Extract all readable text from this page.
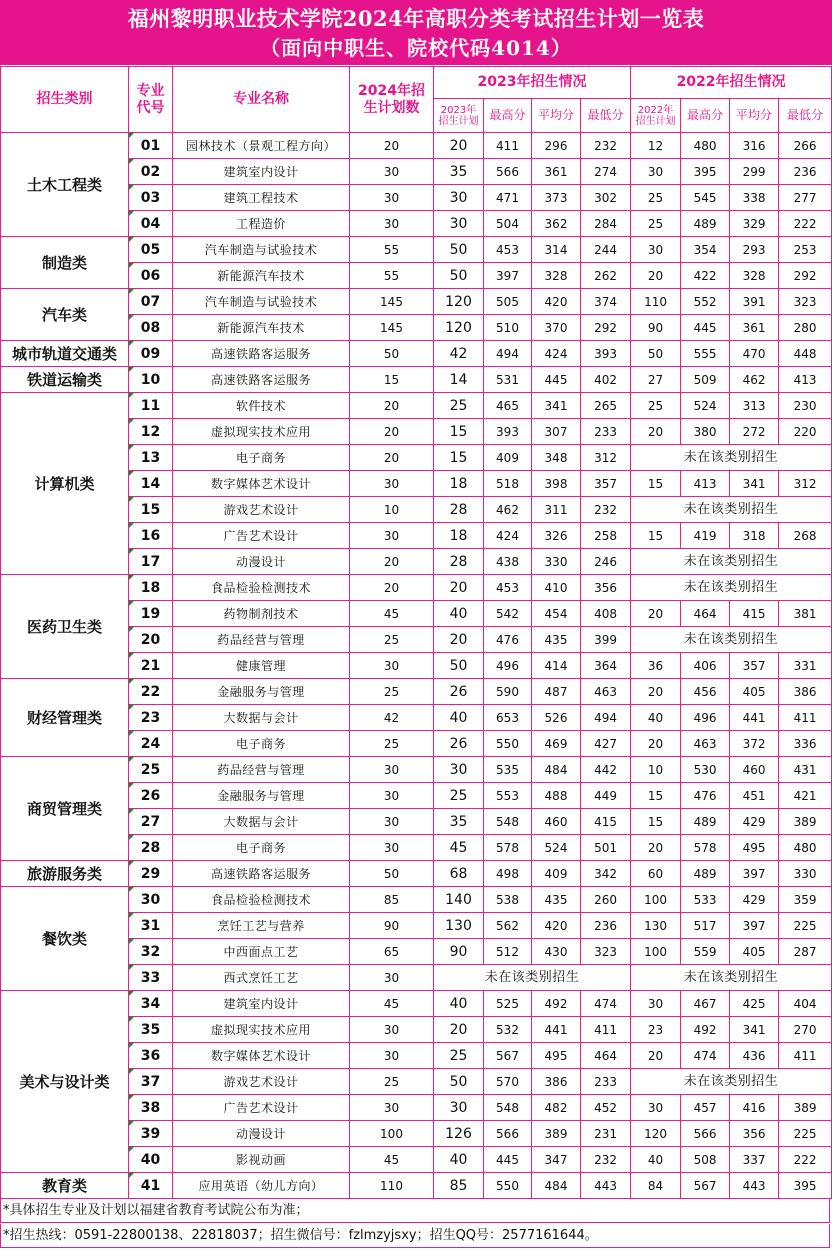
福州黎明职业技术学院2024年高职分类考试招生计划一览表
（面向中职生、院校代码4014）
招生类别	专业代号	专业名称	2024年招生计划数	2023年招生情况				2022年招生情况			
				2023年招生计划	最高分	平均分	最低分	2022年招生计划	最高分	平均分	最低分
土木工程类	01	园林技术（景观工程方向）	20	20	411	296	232	12	480	316	266
	02	建筑室内设计	30	35	566	361	274	30	395	299	236
	03	建筑工程技术	30	30	471	373	302	25	545	338	277
	04	工程造价	30	30	504	362	284	25	489	329	222
制造类	05	汽车制造与试验技术	55	50	453	314	244	30	354	293	253
	06	新能源汽车技术	55	50	397	328	262	20	422	328	292
汽车类	07	汽车制造与试验技术	145	120	505	420	374	110	552	391	323
	08	新能源汽车技术	145	120	510	370	292	90	445	361	280
城市轨道交通类	09	高速铁路客运服务	50	42	494	424	393	50	555	470	448
铁道运输类	10	高速铁路客运服务	15	14	531	445	402	27	509	462	413
计算机类	11	软件技术	20	25	465	341	265	25	524	313	230
	12	虚拟现实技术应用	20	15	393	307	233	20	380	272	220
	13	电子商务	20	15	409	348	312	未在该类别招生			
	14	数字媒体艺术设计	30	18	518	398	357	15	413	341	312
	15	游戏艺术设计	10	28	462	311	232	未在该类别招生			
	16	广告艺术设计	30	18	424	326	258	15	419	318	268
	17	动漫设计	20	28	438	330	246	未在该类别招生			
医药卫生类	18	食品检验检测技术	20	20	453	410	356	未在该类别招生			
	19	药物制剂技术	45	40	542	454	408	20	464	415	381
	20	药品经营与管理	25	20	476	435	399	未在该类别招生			
	21	健康管理	30	50	496	414	364	36	406	357	331
财经管理类	22	金融服务与管理	25	26	590	487	463	20	456	405	386
	23	大数据与会计	42	40	653	526	494	40	496	441	411
	24	电子商务	25	26	550	469	427	20	463	372	336
商贸管理类	25	药品经营与管理	30	30	535	484	442	10	530	460	431
	26	金融服务与管理	30	25	553	488	449	15	476	451	421
	27	大数据与会计	30	35	548	460	415	15	489	429	389
	28	电子商务	30	45	578	524	501	20	578	495	480
旅游服务类	29	高速铁路客运服务	50	68	498	409	342	60	489	397	330
餐饮类	30	食品检验检测技术	85	140	538	435	260	100	533	429	359
	31	烹饪工艺与营养	90	130	562	420	236	130	517	397	225
	32	中西面点工艺	65	90	512	430	323	100	559	405	287
	33	西式烹饪工艺	30	未在该类别招生				未在该类别招生			
美术与设计类	34	建筑室内设计	45	40	525	492	474	30	467	425	404
	35	虚拟现实技术应用	30	20	532	441	411	23	492	341	270
	36	数字媒体艺术设计	30	25	567	495	464	20	474	436	411
	37	游戏艺术设计	25	50	570	386	233	未在该类别招生			
	38	广告艺术设计	30	30	548	482	452	30	457	416	389
	39	动漫设计	100	126	566	389	231	120	566	356	225
	40	影视动画	45	40	445	347	232	40	508	337	222
教育类	41	应用英语（幼儿方向）	110	85	550	484	443	84	567	443	395
*具体招生专业及计划以福建省教育考试院公布为准；
*招生热线：0591-22800138、22818037；招生微信号：fzlmzyjsxy；招生QQ号：2577161644。
